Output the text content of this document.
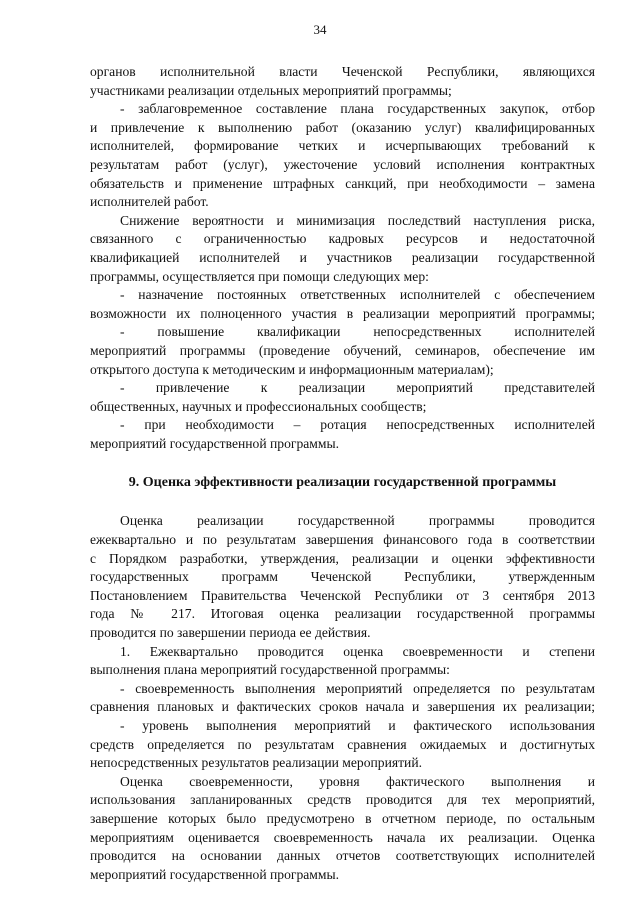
34
органов исполнительной власти Чеченской Республики, являющихся
участниками реализации отдельных мероприятий программы;
- заблаговременное составление плана государственных закупок, отбор
и привлечение к выполнению работ (оказанию услуг) квалифицированных
исполнителей, формирование четких и исчерпывающих требований к
результатам работ (услуг), ужесточение условий исполнения контрактных
обязательств и применение штрафных санкций, при необходимости – замена
исполнителей работ.
Снижение вероятности и минимизация последствий наступления риска,
связанного с ограниченностью кадровых ресурсов и недостаточной
квалификацией исполнителей и участников реализации государственной
программы, осуществляется при помощи следующих мер:
- назначение постоянных ответственных исполнителей с обеспечением
возможности их полноценного участия в реализации мероприятий программы;
- повышение квалификации непосредственных исполнителей
мероприятий программы (проведение обучений, семинаров, обеспечение им
открытого доступа к методическим и информационным материалам);
- привлечение к реализации мероприятий представителей
общественных, научных и профессиональных сообществ;
- при необходимости – ротация непосредственных исполнителей
мероприятий государственной программы.
9. Оценка эффективности реализации государственной программы
Оценка реализации государственной программы проводится
ежеквартально и по результатам завершения финансового года в соответствии
с Порядком разработки, утверждения, реализации и оценки эффективности
государственных программ Чеченской Республики, утвержденным
Постановлением Правительства Чеченской Республики от 3 сентября 2013
года № 217. Итоговая оценка реализации государственной программы
проводится по завершении периода ее действия.
1. Ежеквартально проводится оценка своевременности и степени
выполнения плана мероприятий государственной программы:
- своевременность выполнения мероприятий определяется по результатам
сравнения плановых и фактических сроков начала и завершения их реализации;
- уровень выполнения мероприятий и фактического использования
средств определяется по результатам сравнения ожидаемых и достигнутых
непосредственных результатов реализации мероприятий.
Оценка своевременности, уровня фактического выполнения и
использования запланированных средств проводится для тех мероприятий,
завершение которых было предусмотрено в отчетном периоде, по остальным
мероприятиям оценивается своевременность начала их реализации. Оценка
проводится на основании данных отчетов соответствующих исполнителей
мероприятий государственной программы.
